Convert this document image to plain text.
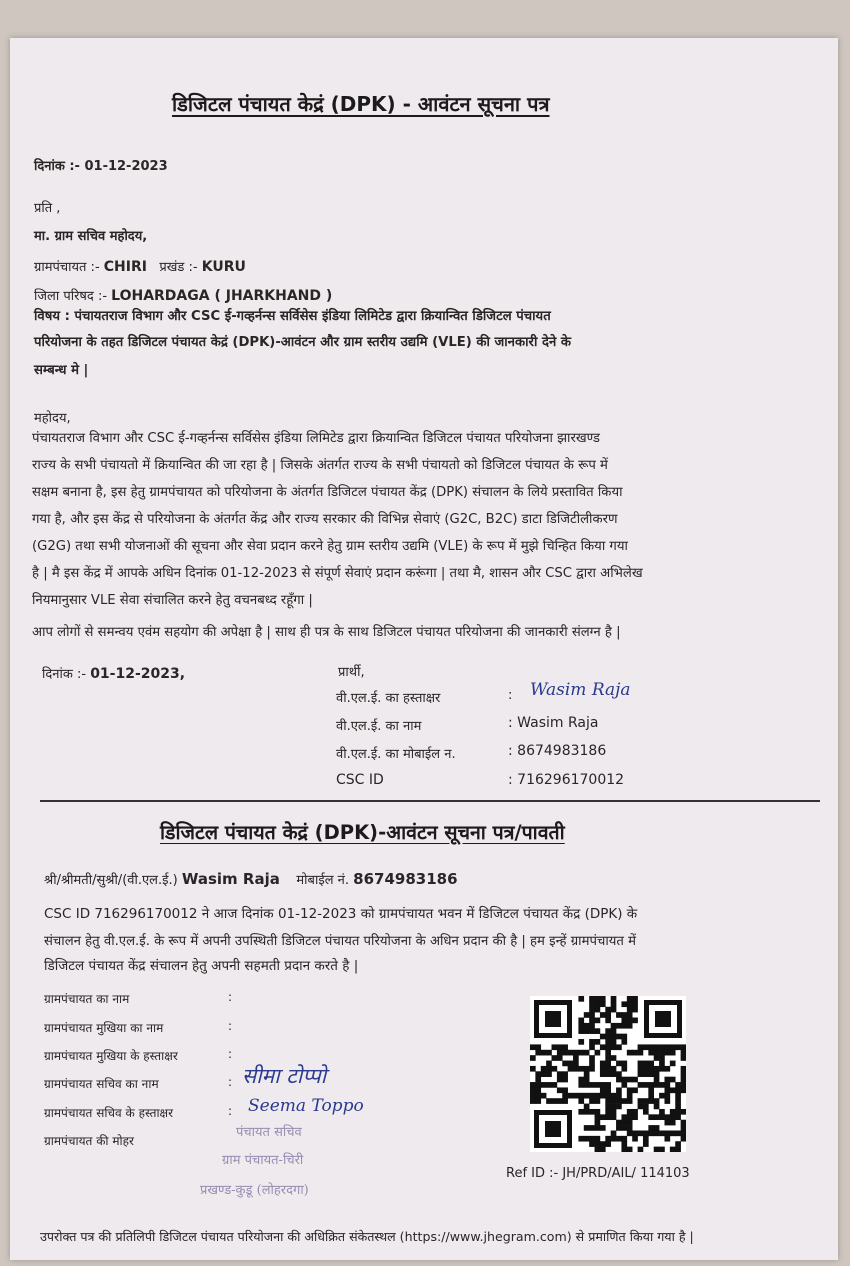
डिजिटल पंचायत केद्रं (DPK) - आवंटन सूचना पत्र
दिनांक :- 01-12-2023
प्रति ,
मा. ग्राम सचिव महोदय,
ग्रामपंचायत :- CHIRI प्रखंड :- KURU
जिला परिषद :- LOHARDAGA ( JHARKHAND )
विषय : पंचायतराज विभाग और CSC ई-गव्हर्नन्स सर्विसेस इंडिया लिमिटेड द्वारा क्रियान्वित डिजिटल पंचायत
परियोजना के तहत डिजिटल पंचायत केद्रं (DPK)-आवंटन और ग्राम स्तरीय उद्यमि (VLE) की जानकारी देने के
सम्बन्ध मे |
महोदय,
पंचायतराज विभाग और CSC ई-गव्हर्नन्स सर्विसेस इंडिया लिमिटेड द्वारा क्रियान्वित डिजिटल पंचायत परियोजना झारखण्ड
राज्य के सभी पंचायतो में क्रियान्वित की जा रहा है | जिसके अंतर्गत राज्य के सभी पंचायतो को डिजिटल पंचायत के रूप में
सक्षम बनाना है, इस हेतु ग्रामपंचायत को परियोजना के अंतर्गत डिजिटल पंचायत केंद्र (DPK) संचालन के लिये प्रस्तावित किया
गया है, और इस केंद्र से परियोजना के अंतर्गत केंद्र और राज्य सरकार की विभिन्न सेवाएं (G2C, B2C) डाटा डिजिटीलीकरण
(G2G) तथा सभी योजनाओं की सूचना और सेवा प्रदान करने हेतु ग्राम स्तरीय उद्यमि (VLE) के रूप में मुझे चिन्हित किया गया
है | मै इस केंद्र में आपके अधिन दिनांक 01-12-2023 से संपूर्ण सेवाएं प्रदान करूंगा | तथा मै, शासन और CSC द्वारा अभिलेख
नियमानुसार VLE सेवा संचालित करने हेतु वचनबध्द रहूँगा |
आप लोगों से समन्वय एवंम सहयोग की अपेक्षा है | साथ ही पत्र के साथ डिजिटल पंचायत परियोजना की जानकारी संलग्न है |
दिनांक :- 01-12-2023,	प्रार्थी,
वी.एल.ई. का हस्ताक्षर	: Wasim Raja
वी.एल.ई. का नाम	: Wasim Raja
वी.एल.ई. का मोबाईल न.	: 8674983186
CSC ID	: 716296170012
डिजिटल पंचायत केद्रं (DPK)-आवंटन सूचना पत्र/पावती
श्री/श्रीमती/सुश्री/(वी.एल.ई.) Wasim Raja मोबाईल नं. 8674983186
CSC ID 716296170012 ने आज दिनांक 01-12-2023 को ग्रामपंचायत भवन में डिजिटल पंचायत केंद्र (DPK) के
संचालन हेतु वी.एल.ई. के रूप में अपनी उपस्थिती डिजिटल पंचायत परियोजना के अधिन प्रदान की है | हम इन्हें ग्रामपंचायत में
डिजिटल पंचायत केंद्र संचालन हेतु अपनी सहमती प्रदान करते है |
ग्रामपंचायत का नाम	:
ग्रामपंचायत मुखिया का नाम	:
ग्रामपंचायत मुखिया के हस्ताक्षर	:
ग्रामपंचायत सचिव का नाम	: सीमा टोप्पो
ग्रामपंचायत सचिव के हस्ताक्षर	: Seema Toppo
ग्रामपंचायत की मोहर
पंचायत सचिव
ग्राम पंचायत-चिरी
प्रखण्ड-कुडू (लोहरदगा)
Ref ID :- JH/PRD/AIL/ 114103
उपरोक्त पत्र की प्रतिलिपी डिजिटल पंचायत परियोजना की अधिक्रित संकेतस्थल (https://www.jhegram.com) से प्रमाणित किया गया है |
